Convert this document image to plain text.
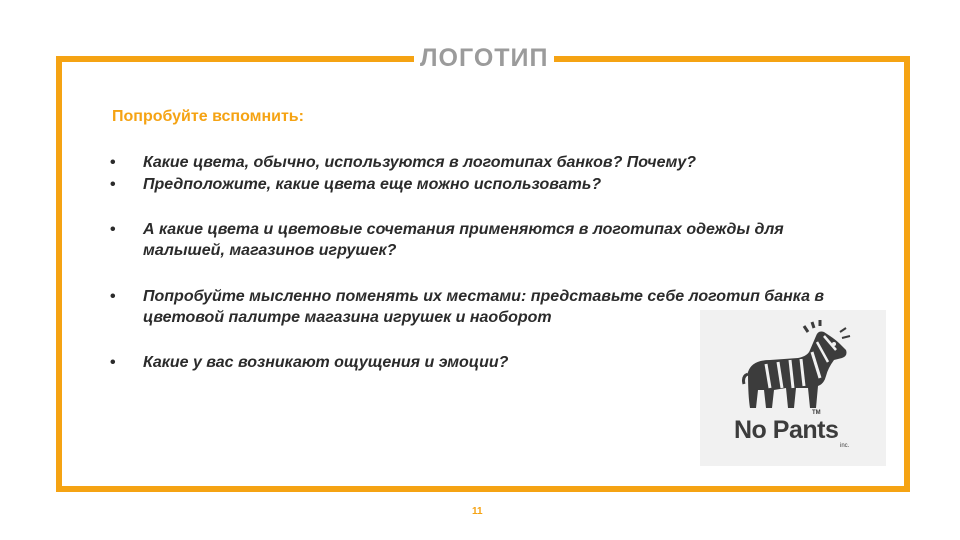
ЛОГОТИП
Попробуйте вспомнить:
• Какие цвета, обычно, используются в логотипах банков? Почему?
• Предположите, какие цвета еще можно использовать?
• А какие цвета и цветовые сочетания применяются в логотипах одежды для малышей, магазинов игрушек?
• Попробуйте мысленно поменять их местами: представьте себе логотип банка в цветовой палитре магазина игрушек и наоборот
• Какие у вас возникают ощущения и эмоции?
No Pants
TM
inc.
11
